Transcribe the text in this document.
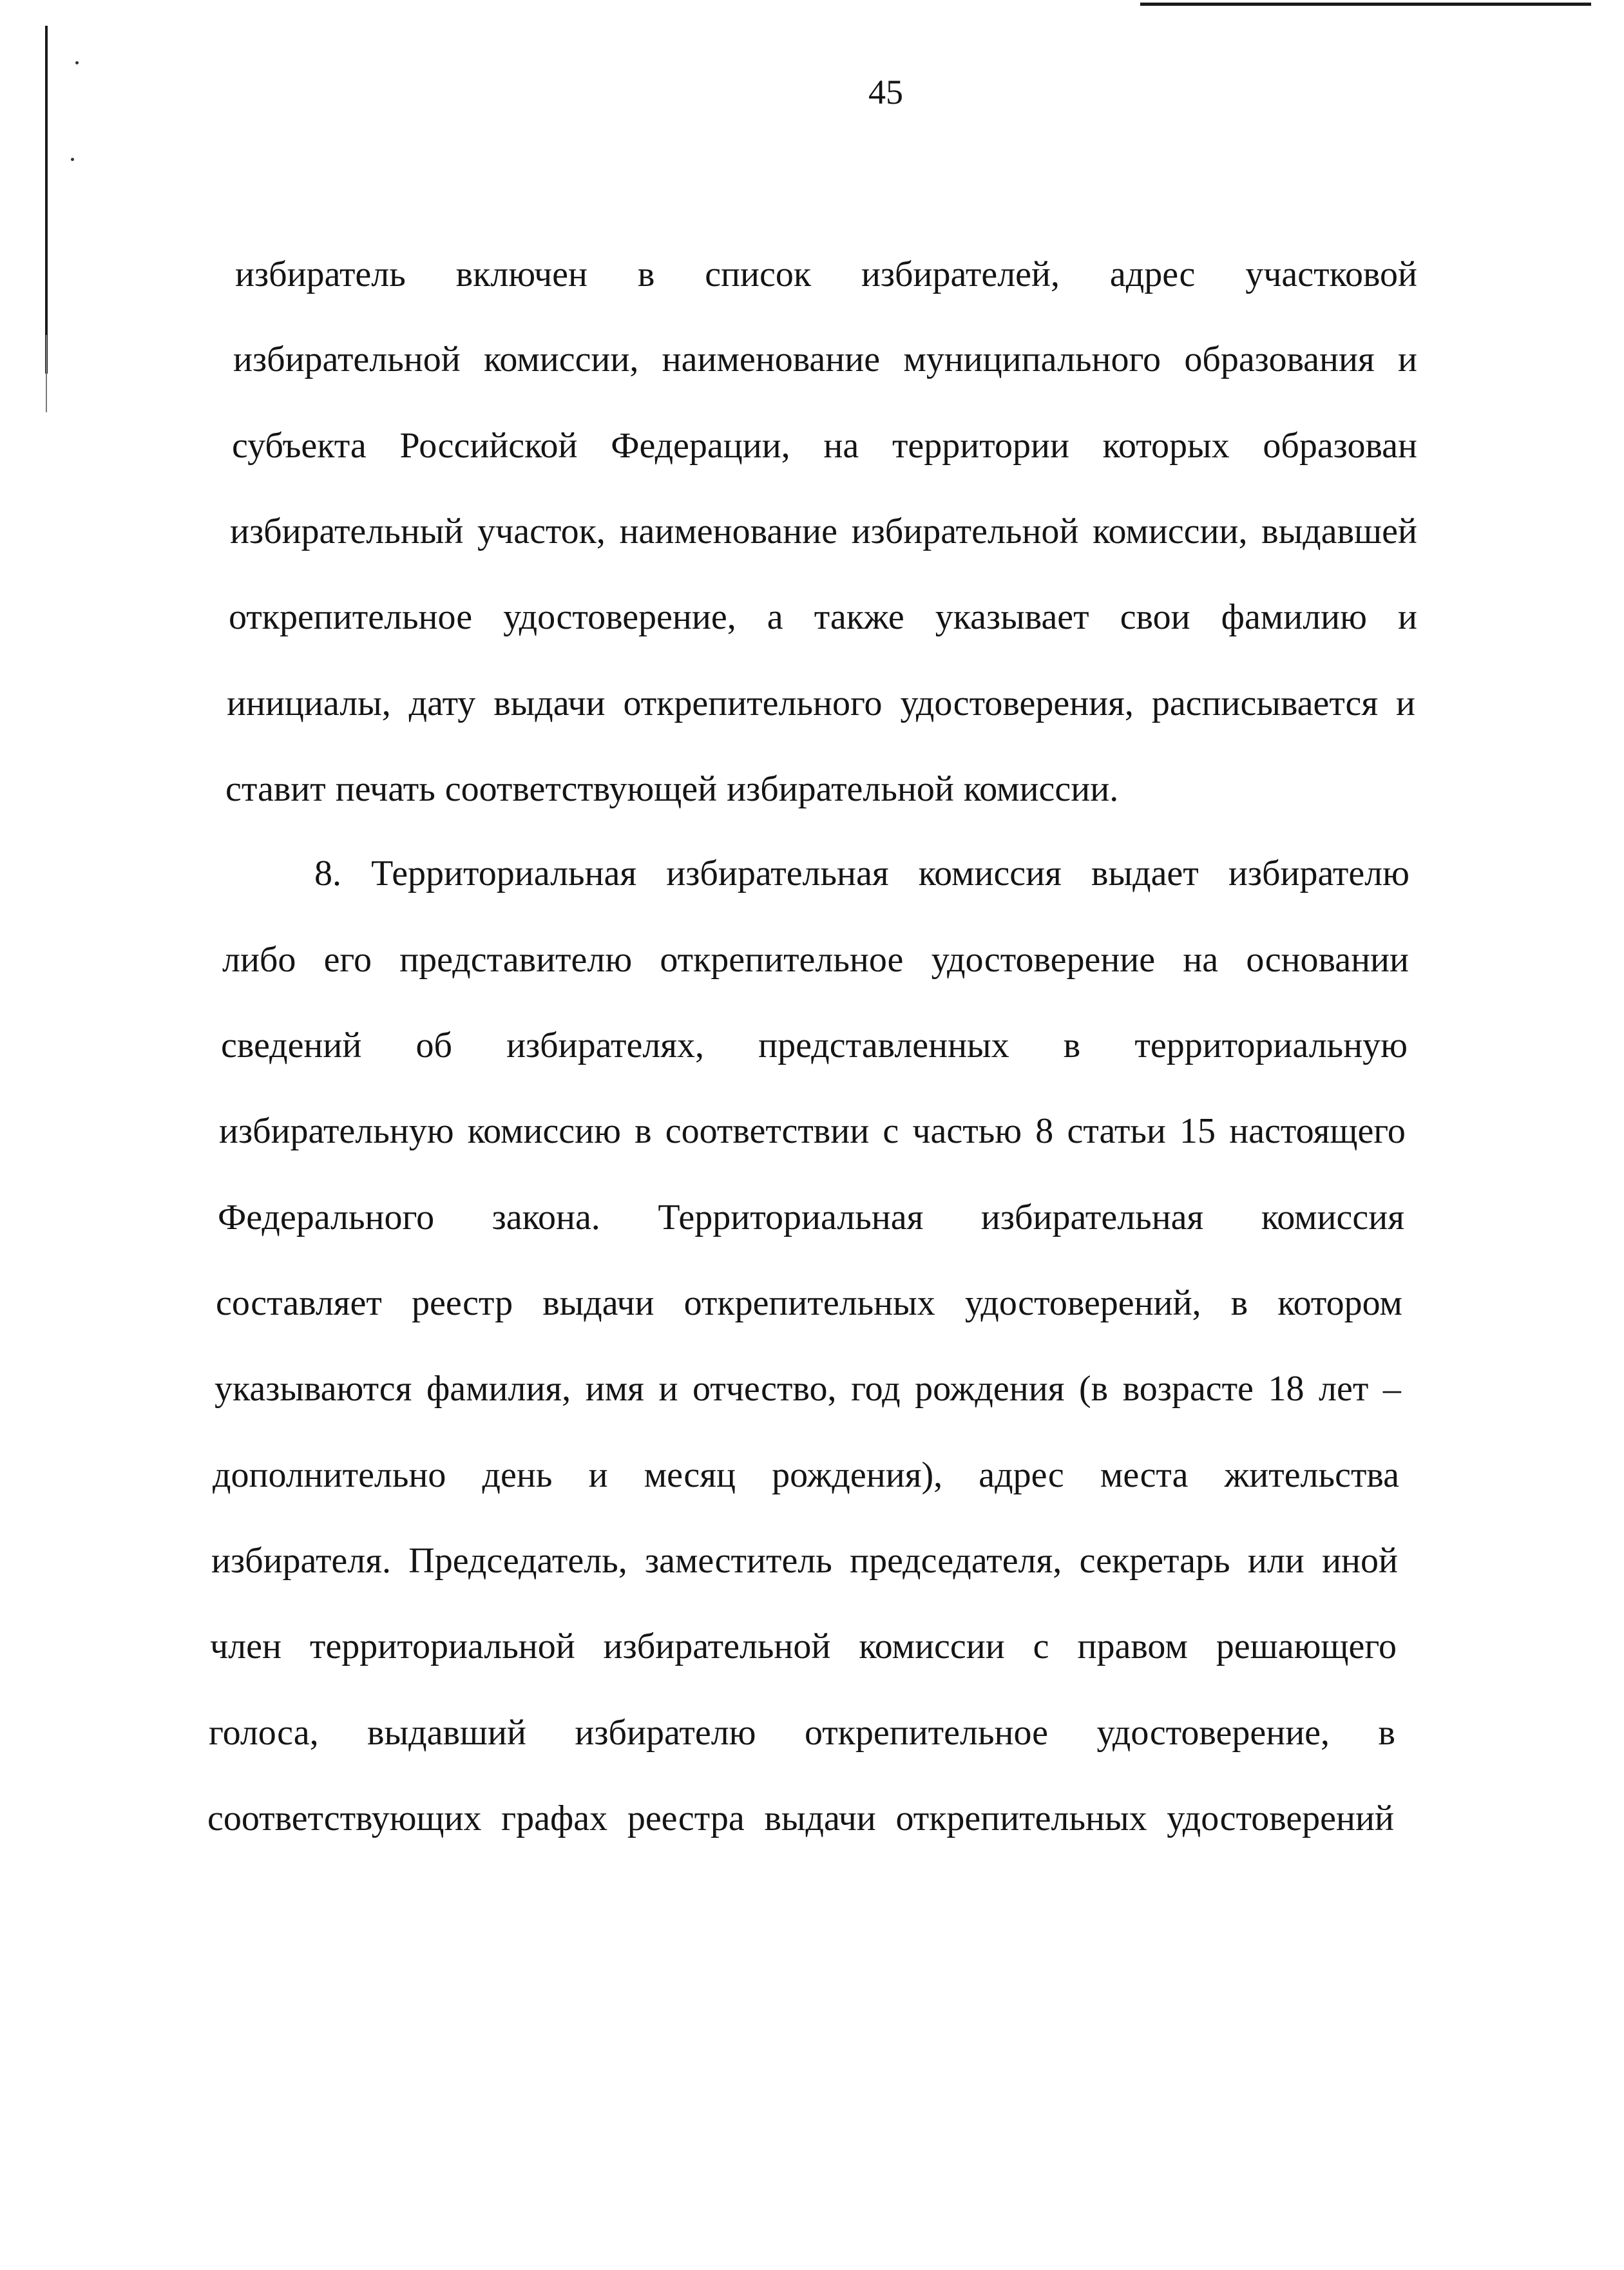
45
избиратель включен в список избирателей, адрес участковой
избирательной комиссии, наименование муниципального образования и
субъекта Российской Федерации, на территории которых образован
избирательный участок, наименование избирательной комиссии, выдавшей
открепительное удостоверение, а также указывает свои фамилию и
инициалы, дату выдачи открепительного удостоверения, расписывается и
ставит печать соответствующей избирательной комиссии.
8. Территориальная избирательная комиссия выдает избирателю
либо его представителю открепительное удостоверение на основании
сведений об избирателях, представленных в территориальную
избирательную комиссию в соответствии с частью 8 статьи 15 настоящего
Федерального закона. Территориальная избирательная комиссия
составляет реестр выдачи открепительных удостоверений, в котором
указываются фамилия, имя и отчество, год рождения (в возрасте 18 лет –
дополнительно день и месяц рождения), адрес места жительства
избирателя. Председатель, заместитель председателя, секретарь или иной
член территориальной избирательной комиссии с правом решающего
голоса, выдавший избирателю открепительное удостоверение, в
соответствующих графах реестра выдачи открепительных удостоверений
